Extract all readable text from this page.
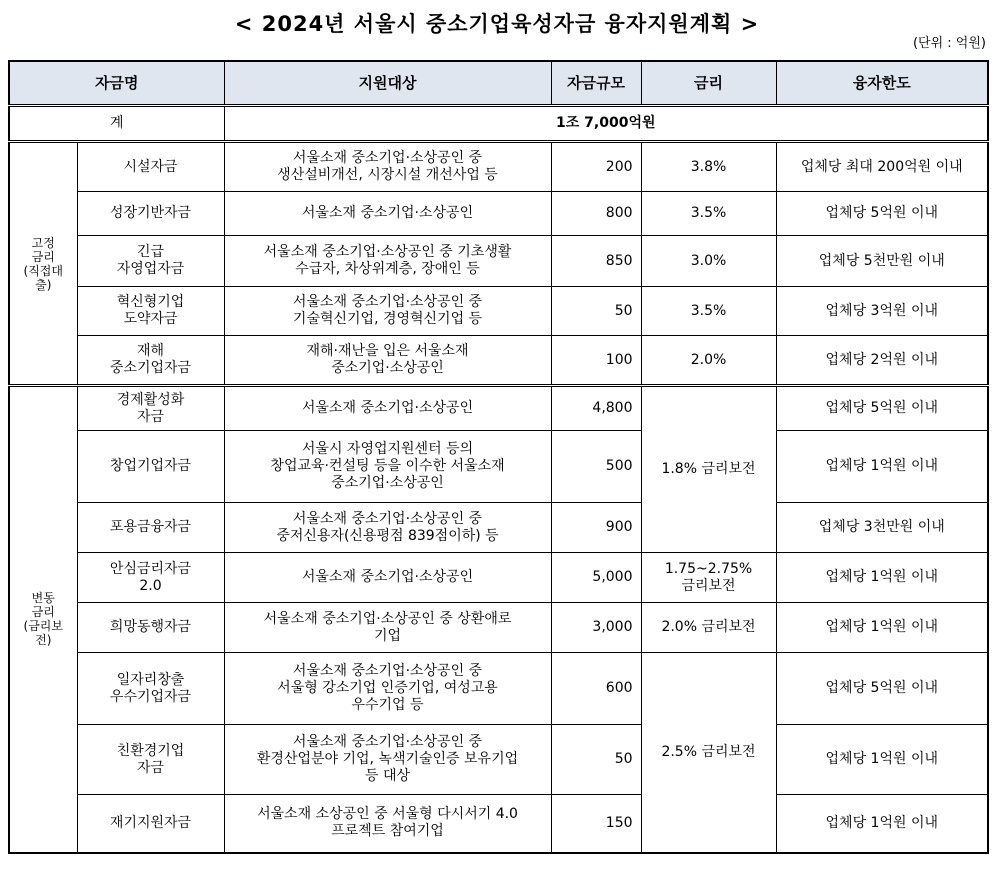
< 2024년 서울시 중소기업육성자금 융자지원계획 >
(단위 : 억원)
자금명		지원대상	자금규모	금리	융자한도
계		1조 7,000억원			
고정
금리
(직접대
출)	시설자금	서울소재 중소기업·소상공인 중
생산설비개선, 시장시설 개선사업 등	200	3.8%	업체당 최대 200억원 이내
	성장기반자금	서울소재 중소기업·소상공인	800	3.5%	업체당 5억원 이내
	긴급
자영업자금	서울소재 중소기업·소상공인 중 기초생활
수급자, 차상위계층, 장애인 등	850	3.0%	업체당 5천만원 이내
	혁신형기업
도약자금	서울소재 중소기업·소상공인 중
기술혁신기업, 경영혁신기업 등	50	3.5%	업체당 3억원 이내
	재해
중소기업자금	재해·재난을 입은 서울소재
중소기업·소상공인	100	2.0%	업체당 2억원 이내
변동
금리
(금리보
전)	경제활성화
자금	서울소재 중소기업·소상공인	4,800	1.8% 금리보전	업체당 5억원 이내
	창업기업자금	서울시 자영업지원센터 등의
창업교육·컨설팅 등을 이수한 서울소재
중소기업·소상공인	500		업체당 1억원 이내
	포용금융자금	서울소재 중소기업·소상공인 중
중저신용자(신용평점 839점이하) 등	900		업체당 3천만원 이내
	안심금리자금
2.0	서울소재 중소기업·소상공인	5,000	1.75~2.75%
금리보전	업체당 1억원 이내
	희망동행자금	서울소재 중소기업·소상공인 중 상환애로
기업	3,000	2.0% 금리보전	업체당 1억원 이내
	일자리창출
우수기업자금	서울소재 중소기업·소상공인 중
서울형 강소기업 인증기업, 여성고용
우수기업 등	600	2.5% 금리보전	업체당 5억원 이내
	친환경기업
자금	서울소재 중소기업·소상공인 중
환경산업분야 기업, 녹색기술인증 보유기업
등 대상	50		업체당 1억원 이내
	재기지원자금	서울소재 소상공인 중 서울형 다시서기 4.0
프로젝트 참여기업	150		업체당 1억원 이내
